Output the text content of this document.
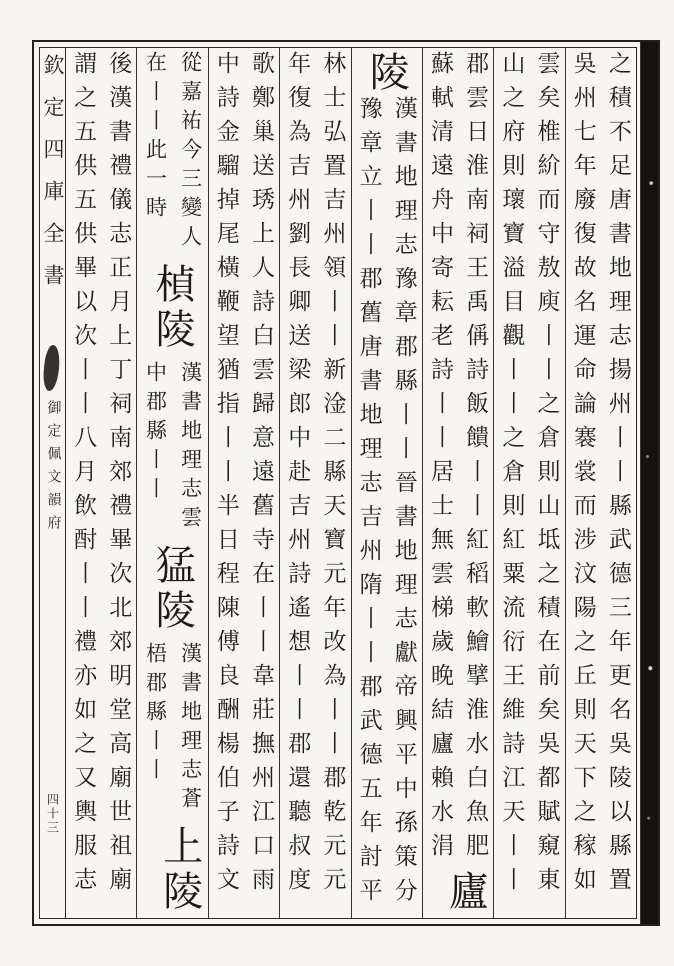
欽定四庫全書
御定佩文韻府
四十三	之積不足唐書地理志揚州丨丨縣武德三年更名吳陵以縣置
吳州七年廢復故名運命論褰裳而涉汶陽之丘則天下之稼如
雲矣椎紒而守敖庾丨丨之倉則山坻之積在前矣吳都賦窺東
山之府則瓌寶溢目觀丨丨之倉則紅粟流衍王維詩江天丨丨
郡雲日淮南祠王禹偁詩飯饋丨丨紅稻軟鱠擘淮水白魚肥
蘇軾清遠舟中寄耘老詩丨丨居士無雲梯歲晚結廬賴水涓
廬
陵
漢書地理志豫章郡縣丨丨晉書地理志獻帝興平中孫策分
豫章立丨丨郡舊唐書地理志吉州隋丨丨郡武德五年討平
林士弘置吉州領丨丨新淦二縣天寶元年改為丨丨郡乾元元
年復為吉州劉長卿送梁郎中赴吉州詩遙想丨丨郡還聽叔度
歌鄭巢送琇上人詩白雲歸意遠舊寺在丨丨韋莊撫州江口雨
中詩金騮掉尾橫鞭望猶指丨丨半日程陳傅良酬楊伯子詩文
從嘉祐今三變人
在丨丨此一時
楨陵
漢書地理志雲
中郡縣丨丨
猛陵
漢書地理志蒼
梧郡縣丨丨
上陵
後漢書禮儀志正月上丁祠南郊禮畢次北郊明堂高廟世祖廟
謂之五供五供畢以次丨丨八月飲酎丨丨禮亦如之又輿服志
